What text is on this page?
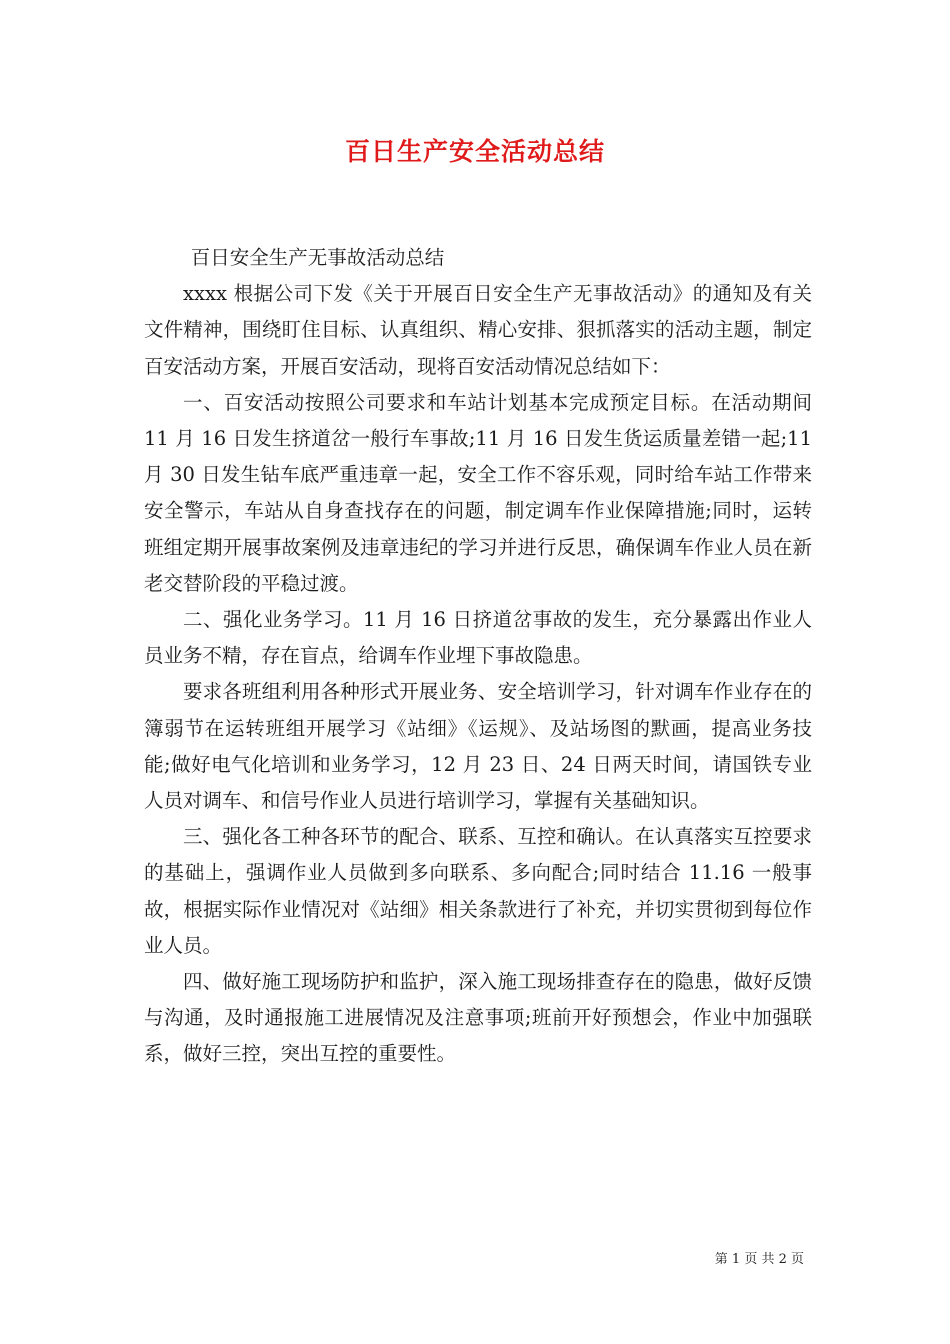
百日生产安全活动总结

百日安全生产无事故活动总结

xxxx 根据公司下发《关于开展百日安全生产无事故活动》的通知及有关文件精神，围绕盯住目标、认真组织、精心安排、狠抓落实的活动主题，制定百安活动方案，开展百安活动，现将百安活动情况总结如下：

一、百安活动按照公司要求和车站计划基本完成预定目标。在活动期间 11 月 16 日发生挤道岔一般行车事故;11 月 16 日发生货运质量差错一起;11 月 30 日发生钻车底严重违章一起，安全工作不容乐观，同时给车站工作带来安全警示，车站从自身查找存在的问题，制定调车作业保障措施;同时，运转班组定期开展事故案例及违章违纪的学习并进行反思，确保调车作业人员在新老交替阶段的平稳过渡。

二、强化业务学习。11 月 16 日挤道岔事故的发生，充分暴露出作业人员业务不精，存在盲点，给调车作业埋下事故隐患。

要求各班组利用各种形式开展业务、安全培训学习，针对调车作业存在的簿弱节在运转班组开展学习《站细》《运规》、及站场图的默画，提高业务技能;做好电气化培训和业务学习，12 月 23 日、24 日两天时间，请国铁专业人员对调车、和信号作业人员进行培训学习，掌握有关基础知识。

三、强化各工种各环节的配合、联系、互控和确认。在认真落实互控要求的基础上，强调作业人员做到多向联系、多向配合;同时结合 11.16 一般事故，根据实际作业情况对《站细》相关条款进行了补充，并切实贯彻到每位作业人员。

四、做好施工现场防护和监护，深入施工现场排查存在的隐患，做好反馈与沟通，及时通报施工进展情况及注意事项;班前开好预想会，作业中加强联系，做好三控，突出互控的重要性。

第 1 页 共 2 页
